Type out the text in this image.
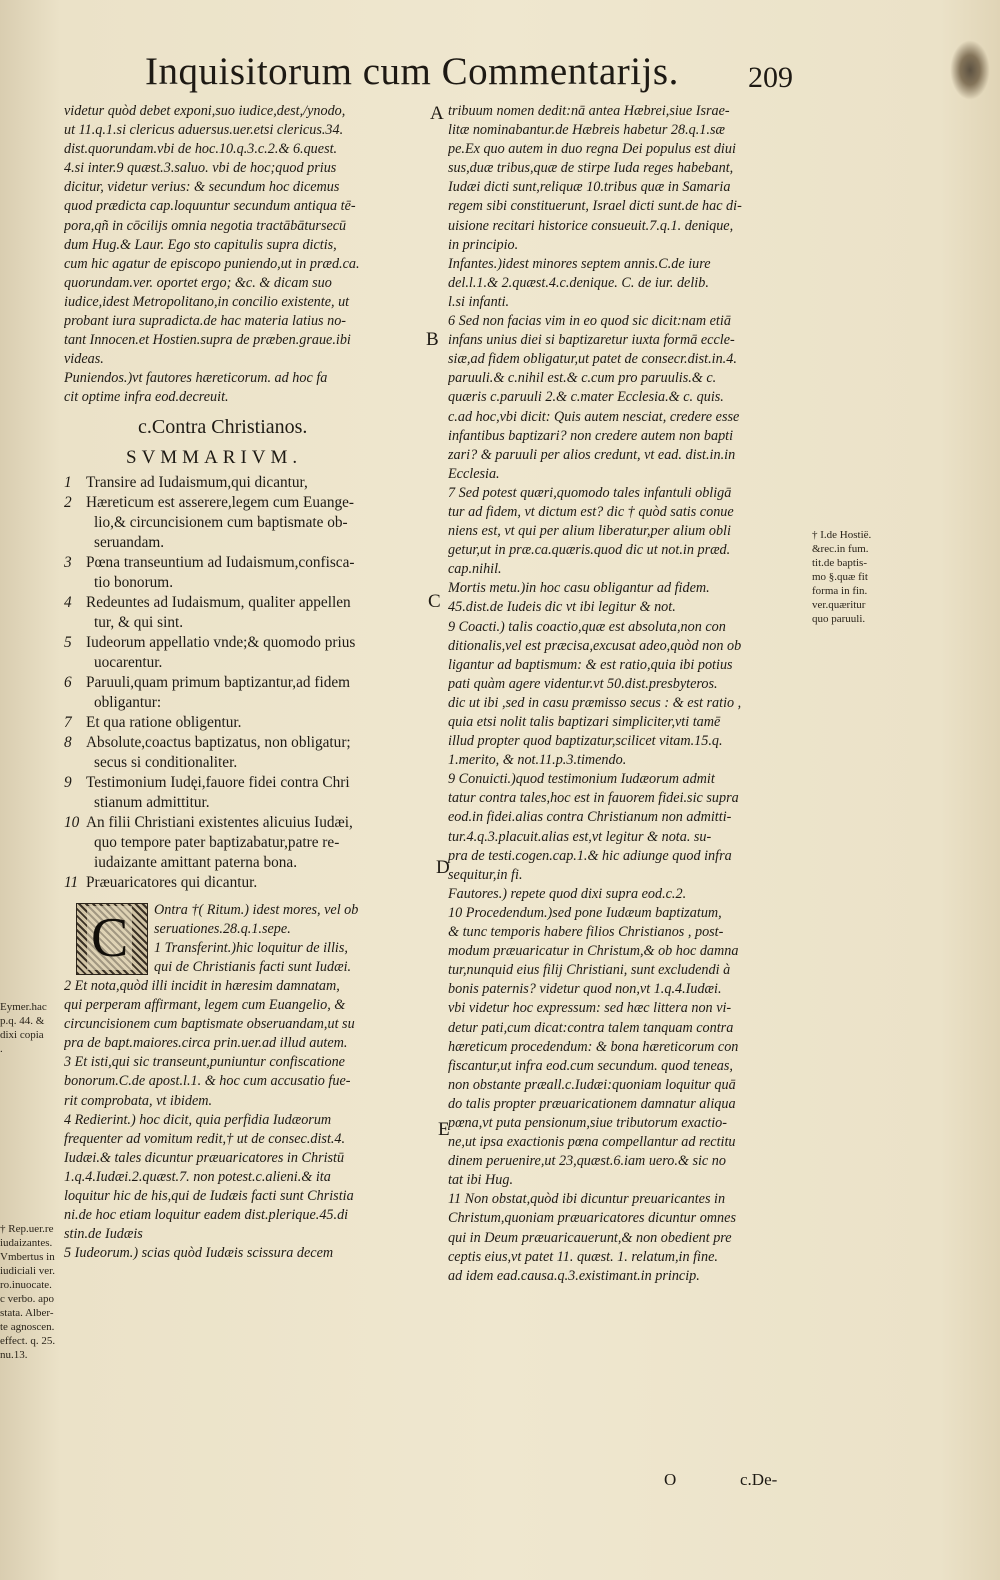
Inquisitorum cum Commentarijs.	209
A
B
C
D
E

videtur quòd debet exponi,suo iudice,dest,/ynodo,

ut 11.q.1.si clericus aduersus.uer.etsi clericus.34.

dist.quorundam.vbi de hoc.10.q.3.c.2.& 6.quest.

4.si inter.9 quæst.3.saluo. vbi de hoc;quod prius

dicitur, videtur verius: & secundum hoc dicemus

quod prædicta cap.loquuntur secundum antiqua tē-

pora,qñ in cōcilijs omnia negotia tractābātursecū

dum Hug.& Laur. Ego sto capitulis supra dictis,

cum hic agatur de episcopo puniendo,ut in præd.ca.

quorundam.ver. oportet ergo; &c. & dicam suo

iudice,idest Metropolitano,in concilio existente, ut

probant iura supradicta.de hac materia latius no-

tant Innocen.et Hostien.supra de præben.graue.ibi

videas.

Puniendos.)vt fautores hæreticorum. ad hoc fa

cit optime infra eod.decreuit.

c.Contra Christianos.

SVMMARIVM.

1 Transire ad Iudaismum,qui dicantur,

2 Hæreticum est asserere,legem cum Euange-

lio,& circuncisionem cum baptismate ob-

seruandam.

3 Pœna transeuntium ad Iudaismum,confisca-

tio bonorum.

4 Redeuntes ad Iudaismum, qualiter appellen

tur, & qui sint.

5 Iudeorum appellatio vnde;& quomodo prius

uocarentur.

6 Paruuli,quam primum baptizantur,ad fidem

obligantur:

7 Et qua ratione obligentur.

8 Absolute,coactus baptizatus, non obligatur;

secus si conditionaliter.

9 Testimonium Iudęi,fauore fidei contra Chri

stianum admittitur.

10 An filii Christiani existentes alicuius Iudæi,

quo tempore pater baptizabatur,patre re-

iudaizante amittant paterna bona.

11 Præuaricatores qui dicantur.

C Ontra †( Ritum.) idest mores, vel ob

seruationes.28.q.1.sepe.

1 Transferint.)hic loquitur de illis,

qui de Christianis facti sunt Iudæi.

2 Et nota,quòd illi incidit in hæresim damnatam,

qui perperam affirmant, legem cum Euangelio, &

circuncisionem cum baptismate obseruandam,ut su

pra de bapt.maiores.circa prin.uer.ad illud autem.

3 Et isti,qui sic transeunt,puniuntur confiscatione

bonorum.C.de apost.l.1. & hoc cum accusatio fue-

rit comprobata, vt ibidem.

4 Redierint.) hoc dicit, quia perfidia Iudæorum

frequenter ad vomitum redit,† ut de consec.dist.4.

Iudæi.& tales dicuntur præuaricatores in Christū

1.q.4.Iudæi.2.quæst.7. non potest.c.alieni.& ita

loquitur hic de his,qui de Iudæis facti sunt Christia

ni.de hoc etiam loquitur eadem dist.plerique.45.di

stin.de Iudæis

5 Iudeorum.) scias quòd Iudæis scissura decem

tribuum nomen dedit:nā antea Hæbrei,siue Israe-

litæ nominabantur.de Hæbreis habetur 28.q.1.sæ

pe.Ex quo autem in duo regna Dei populus est diui

sus,duæ tribus,quæ de stirpe Iuda reges habebant,

Iudæi dicti sunt,reliquæ 10.tribus quæ in Samaria

regem sibi constituerunt, Israel dicti sunt.de hac di-

uisione recitari historice consueuit.7.q.1. denique,

in principio.

Infantes.)idest minores septem annis.C.de iure

del.l.1.& 2.quæst.4.c.denique. C. de iur. delib.

l.si infanti.

6 Sed non facias vim in eo quod sic dicit:nam etiā

infans unius diei si baptizaretur iuxta formā eccle-

siæ,ad fidem obligatur,ut patet de consecr.dist.in.4.

paruuli.& c.nihil est.& c.cum pro paruulis.& c.

quæris c.paruuli 2.& c.mater Ecclesia.& c. quis.

c.ad hoc,vbi dicit: Quis autem nesciat, credere esse

infantibus baptizari? non credere autem non bapti

zari? & paruuli per alios credunt, vt ead. dist.in.in

Ecclesia.

7 Sed potest quæri,quomodo tales infantuli obligā

tur ad fidem, vt dictum est? dic † quòd satis conue

niens est, vt qui per alium liberatur,per alium obli

getur,ut in præ.ca.quæris.quod dic ut not.in præd.

cap.nihil.

Mortis metu.)in hoc casu obligantur ad fidem.

45.dist.de Iudeis dic vt ibi legitur & not.

9 Coacti.) talis coactio,quæ est absoluta,non con

ditionalis,vel est præcisa,excusat adeo,quòd non ob

ligantur ad baptismum: & est ratio,quia ibi potius

pati quàm agere videntur.vt 50.dist.presbyteros.

dic ut ibi ,sed in casu præmisso secus : & est ratio ,

quia etsi nolit talis baptizari simpliciter,vti tamē

illud propter quod baptizatur,scilicet vitam.15.q.

1.merito, & not.11.p.3.timendo.

9 Conuicti.)quod testimonium Iudæorum admit

tatur contra tales,hoc est in fauorem fidei.sic supra

eod.in fidei.alias contra Christianum non admitti-

tur.4.q.3.placuit.alias est,vt legitur & nota. su-

pra de testi.cogen.cap.1.& hic adiunge quod infra

sequitur,in fi.

Fautores.) repete quod dixi supra eod.c.2.

10 Procedendum.)sed pone Iudæum baptizatum,

& tunc temporis habere filios Christianos , post-

modum præuaricatur in Christum,& ob hoc damna

tur,nunquid eius filij Christiani, sunt excludendi à

bonis paternis? videtur quod non,vt 1.q.4.Iudæi.

vbi videtur hoc expressum: sed hæc littera non vi-

detur pati,cum dicat:contra talem tanquam contra

hæreticum procedendum: & bona hæreticorum con

fiscantur,ut infra eod.cum secundum. quod teneas,

non obstante præall.c.Iudæi:quoniam loquitur quā

do talis propter præuaricationem damnatur aliqua

pœna,vt puta pensionum,siue tributorum exactio-

ne,ut ipsa exactionis pœna compellantur ad rectitu

dinem peruenire,ut 23,quæst.6.iam uero.& sic no

tat ibi Hug.

11 Non obstat,quòd ibi dicuntur preuaricantes in

Christum,quoniam præuaricatores dicuntur omnes

qui in Deum præuaricauerunt,& non obedient pre

ceptis eius,vt patet 11. quæst. 1. relatum,in fine.

ad idem ead.causa.q.3.existimant.in princip.

† I.de Hostië.

&rec.in fum.

tit.de baptis-

mo §.quæ fit

forma in fin.

ver.quæritur

quo paruuli.

Eymer.hac

p.q. 44. &

dixi copia

.

† Rep.uer.re

iudaizantes.

Vmbertus in

iudiciali ver.

ro.inuocate.

c verbo. apo

stata. Alber-

te agnoscen.

effect. q. 25.

nu.13.

O	c.De-
